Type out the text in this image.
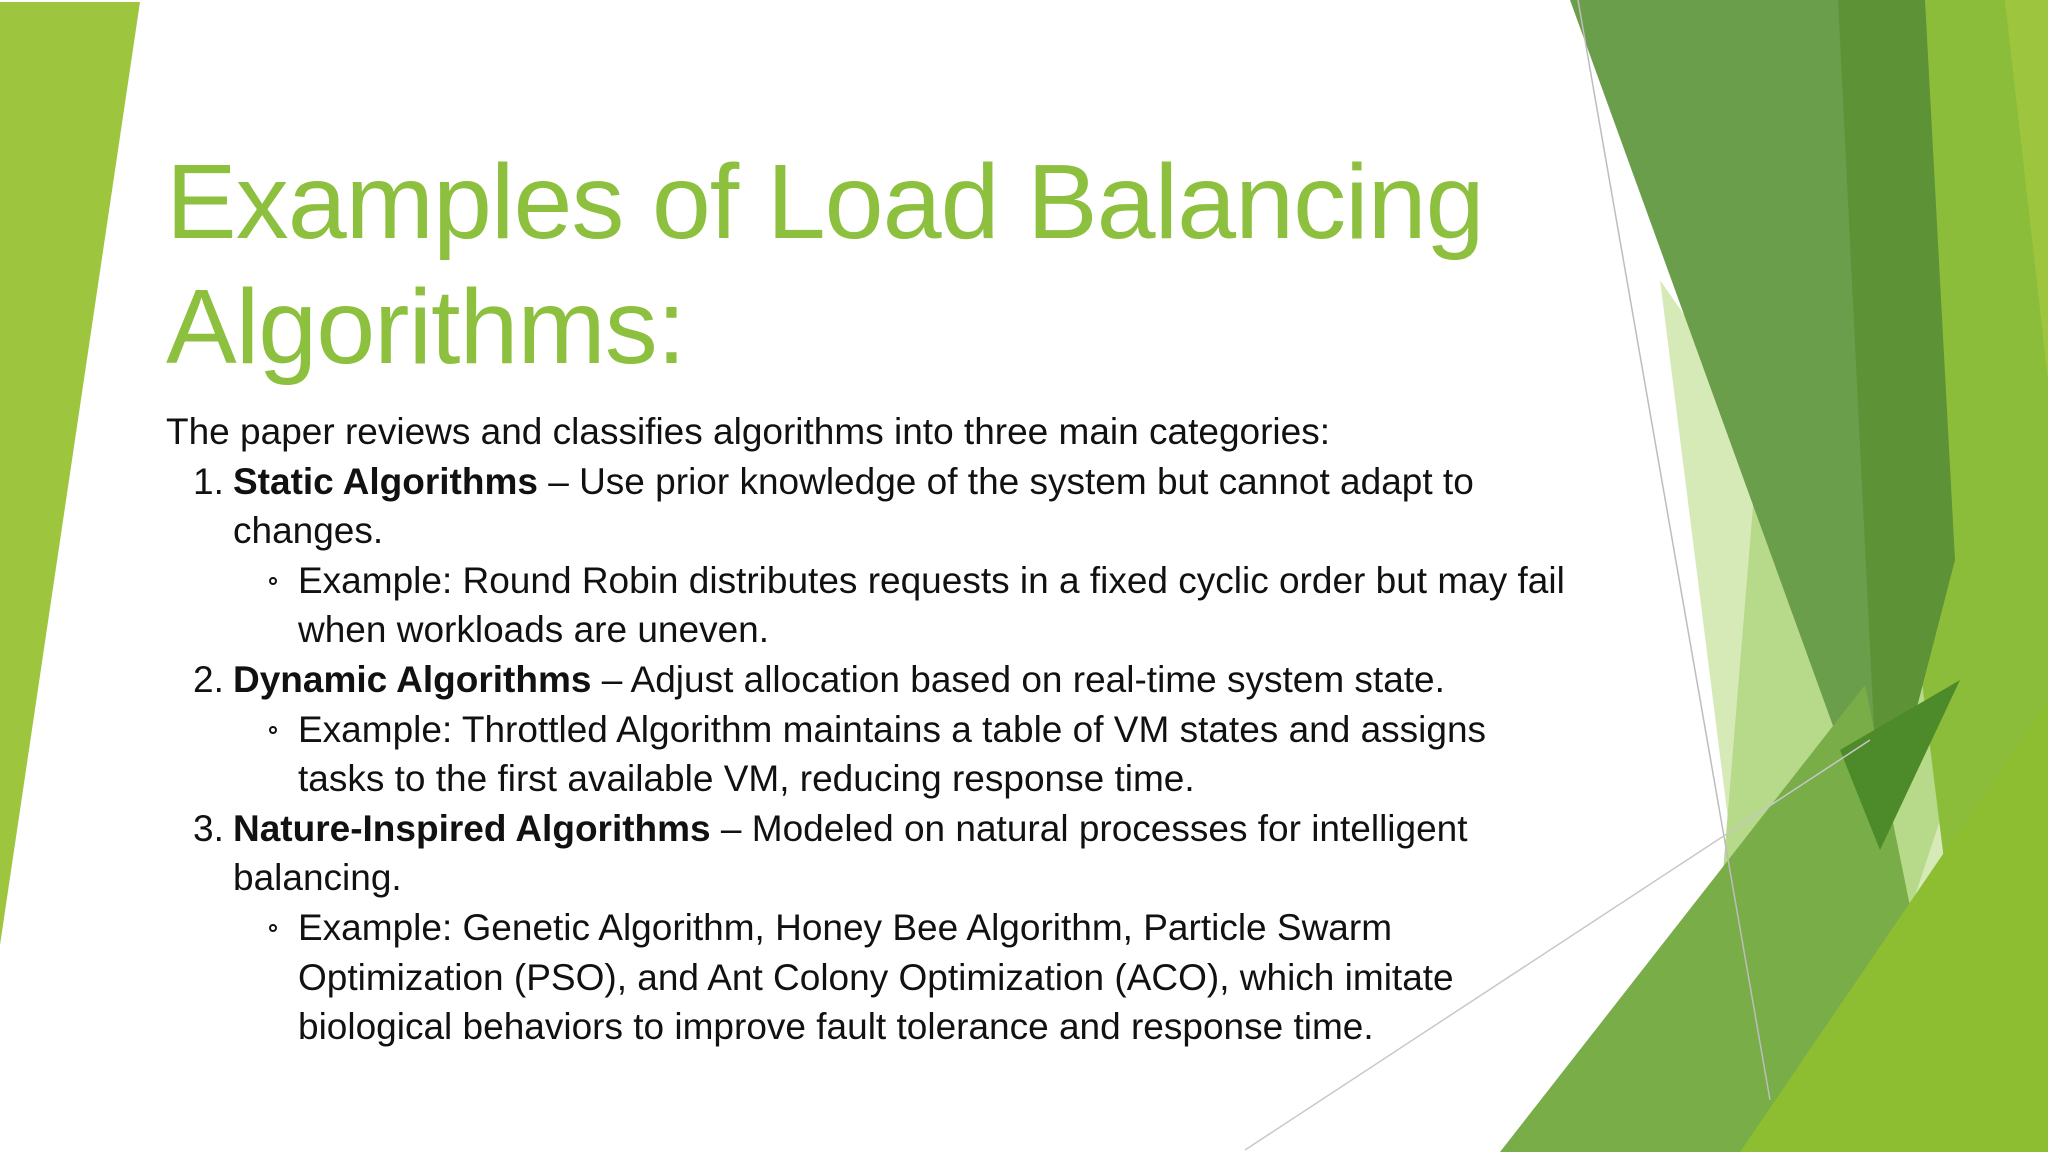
Examples of Load Balancing Algorithms:

The paper reviews and classifies algorithms into three main categories:

1. Static Algorithms – Use prior knowledge of the system but cannot adapt to changes.

Example: Round Robin distributes requests in a fixed cyclic order but may fail when workloads are uneven.

2. Dynamic Algorithms – Adjust allocation based on real-time system state.

Example: Throttled Algorithm maintains a table of VM states and assigns tasks to the first available VM, reducing response time.

3. Nature-Inspired Algorithms – Modeled on natural processes for intelligent balancing.

Example: Genetic Algorithm, Honey Bee Algorithm, Particle Swarm Optimization (PSO), and Ant Colony Optimization (ACO), which imitate biological behaviors to improve fault tolerance and response time.
